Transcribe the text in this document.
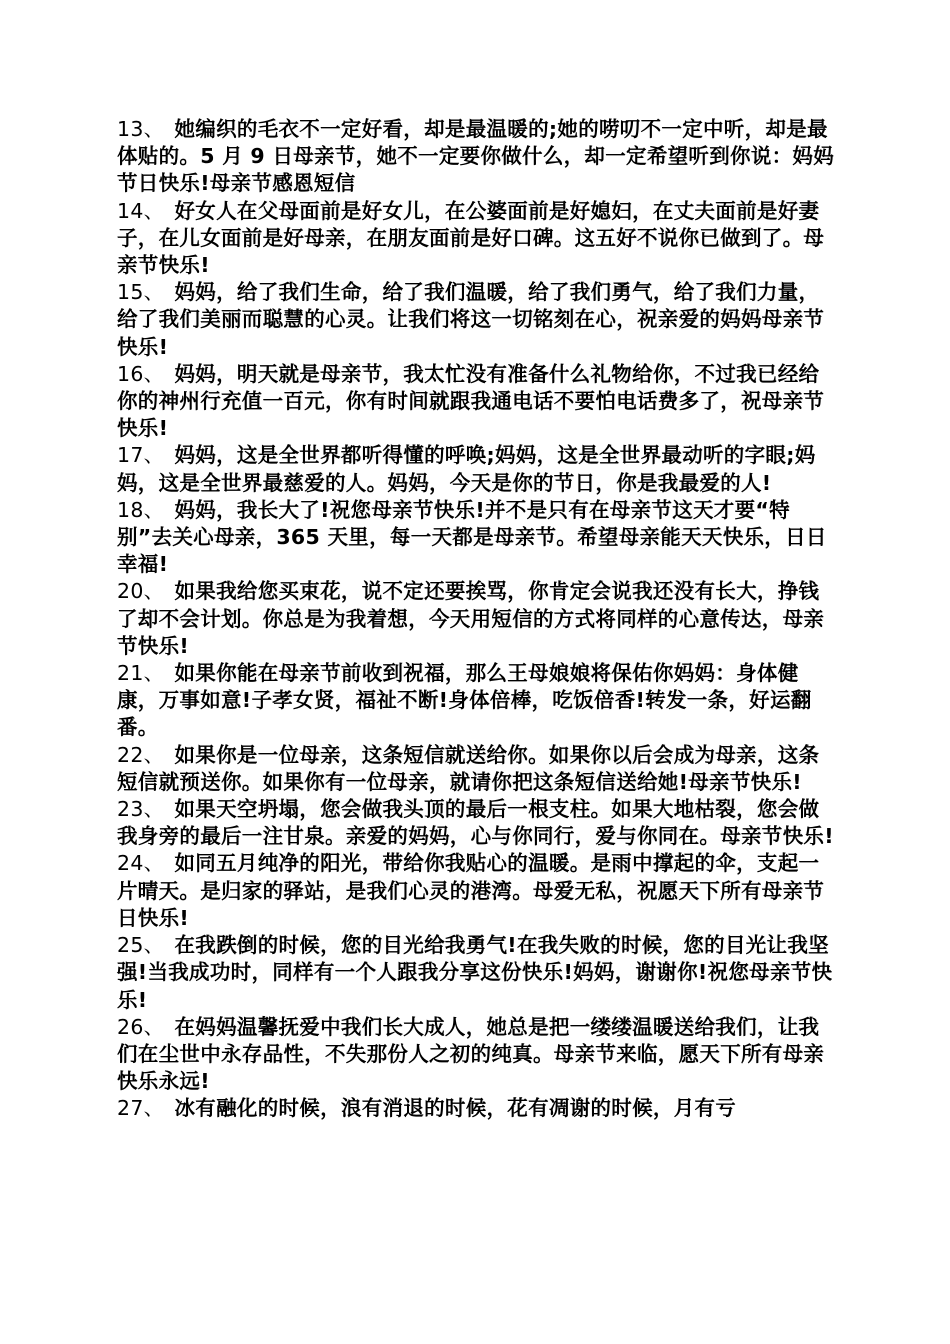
13、 她编织的毛衣不一定好看，却是最温暖的;她的唠叨不一定中听，却是最体贴的。5 月 9 日母亲节，她不一定要你做什么，却一定希望听到你说：妈妈节日快乐!母亲节感恩短信

14、 好女人在父母面前是好女儿，在公婆面前是好媳妇，在丈夫面前是好妻子，在儿女面前是好母亲，在朋友面前是好口碑。这五好不说你已做到了。母亲节快乐!

15、 妈妈，给了我们生命，给了我们温暖，给了我们勇气，给了我们力量，给了我们美丽而聪慧的心灵。让我们将这一切铭刻在心，祝亲爱的妈妈母亲节快乐!

16、 妈妈，明天就是母亲节，我太忙没有准备什么礼物给你，不过我已经给你的神州行充值一百元，你有时间就跟我通电话不要怕电话费多了，祝母亲节快乐!

17、 妈妈，这是全世界都听得懂的呼唤;妈妈，这是全世界最动听的字眼;妈妈，这是全世界最慈爱的人。妈妈，今天是你的节日，你是我最爱的人!

18、 妈妈，我长大了!祝您母亲节快乐!并不是只有在母亲节这天才要“特别”去关心母亲，365 天里，每一天都是母亲节。希望母亲能天天快乐，日日幸福!

20、 如果我给您买束花，说不定还要挨骂，你肯定会说我还没有长大，挣钱了却不会计划。你总是为我着想，今天用短信的方式将同样的心意传达，母亲节快乐!

21、 如果你能在母亲节前收到祝福，那么王母娘娘将保佑你妈妈：身体健康，万事如意!子孝女贤，福祉不断!身体倍棒，吃饭倍香!转发一条，好运翻番。

22、 如果你是一位母亲，这条短信就送给你。如果你以后会成为母亲，这条短信就预送你。如果你有一位母亲，就请你把这条短信送给她!母亲节快乐!

23、 如果天空坍塌，您会做我头顶的最后一根支柱。如果大地枯裂，您会做我身旁的最后一注甘泉。亲爱的妈妈，心与你同行，爱与你同在。母亲节快乐!

24、 如同五月纯净的阳光，带给你我贴心的温暖。是雨中撑起的伞，支起一片晴天。是归家的驿站，是我们心灵的港湾。母爱无私，祝愿天下所有母亲节日快乐!

25、 在我跌倒的时候，您的目光给我勇气!在我失败的时候，您的目光让我坚强!当我成功时，同样有一个人跟我分享这份快乐!妈妈，谢谢你!祝您母亲节快乐!

26、 在妈妈温馨抚爱中我们长大成人，她总是把一缕缕温暖送给我们，让我们在尘世中永存品性，不失那份人之初的纯真。母亲节来临，愿天下所有母亲快乐永远!

27、 冰有融化的时候，浪有消退的时候，花有凋谢的时候，月有亏
